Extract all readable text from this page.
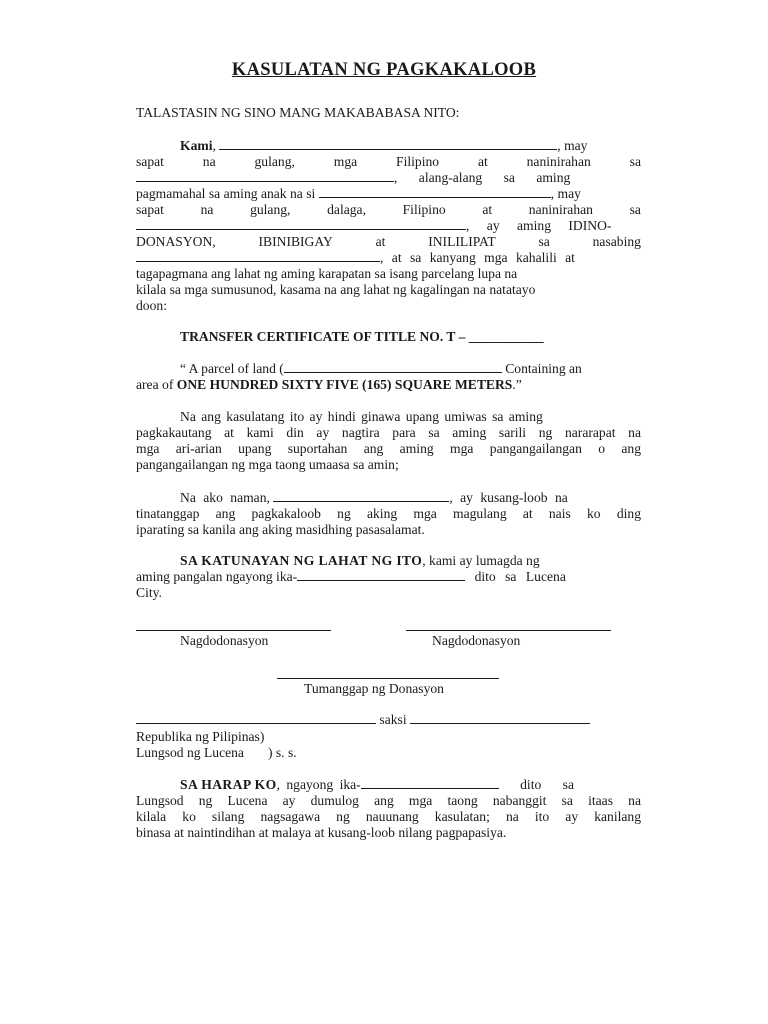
KASULATAN NG PAGKAKALOOB
TALASTASIN NG SINO MANG MAKABABASA NITO:
Kami,	, may
sapat	na	gulang,	mga	Filipino	at	naninirahan	sa
, alang-alang sa aming
pagmamahal sa aming anak na si	, may
sapat	na	gulang,	dalaga,	Filipino	at	naninirahan	sa
, ay aming IDINO-
DONASYON,	IBINIBIGAY	at	INILILIPAT	sa	nasabing
, at sa kanyang mga kahalili at
tagapagmana ang lahat ng aming karapatan sa isang parcelang lupa na
kilala sa mga sumusunod, kasama na ang lahat ng kagalingan na natatayo
doon:
TRANSFER CERTIFICATE OF TITLE NO. T – ___________
“ A parcel of land (	Containing an
area of ONE HUNDRED SIXTY FIVE (165) SQUARE METERS.”
Na ang kasulatang ito ay hindi ginawa upang umiwas sa aming
pagkakautang at kami din ay nagtira para sa aming sarili ng nararapat na
mga ari-arian upang suportahan ang aming mga pangangailangan o ang
pangangailangan ng mga taong umaasa sa amin;
Na ako naman,	, ay kusang-loob na
tinatanggap ang pagkakaloob ng aking mga magulang at nais ko ding
iparating sa kanila ang aking masidhing pasasalamat.
SA KATUNAYAN NG LAHAT NG ITO, kami ay lumagda ng
aming pangalan ngayong ika-	dito sa Lucena
City.
Nagdodonasyon	Nagdodonasyon
Tumanggap ng Donasyon
saksi
Republika ng Pilipinas)
Lungsod ng Lucena ) s. s.
SA HARAP KO, ngayong ika-	dito sa
Lungsod ng Lucena ay dumulog ang mga taong nabanggit sa itaas na
kilala ko silang nagsagawa ng nauunang kasulatan; na ito ay kanilang
binasa at naintindihan at malaya at kusang-loob nilang pagpapasiya.
